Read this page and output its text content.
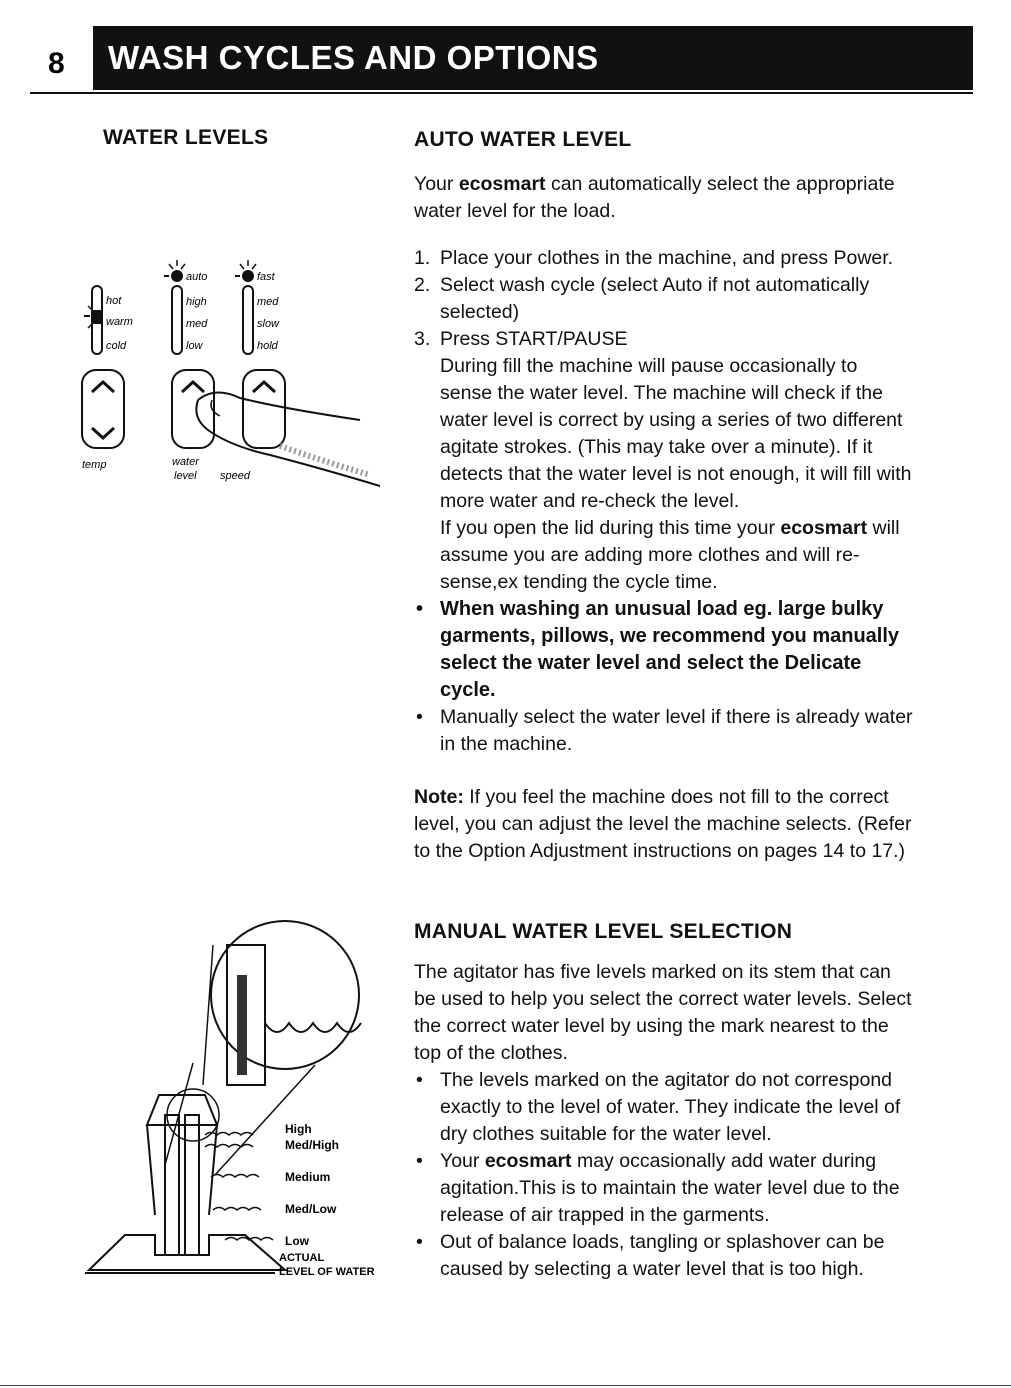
8	WASH CYCLES AND OPTIONS
WATER LEVELS
hot
warm
cold
auto
high
med
low
fast
med
slow
hold
temp	water
level speed
High
Med/High
Medium
Med/Low
Low
ACTUAL
LEVEL OF WATER
AUTO WATER LEVEL

Your ecosmart can automatically select the appropriate water level for the load.

1. Place your clothes in the machine, and press Power.
2. Select wash cycle (select Auto if not automatically selected)
3. Press START/PAUSE

During fill the machine will pause occasionally to sense the water level. The machine will check if the water level is correct by using a series of two different agitate strokes. (This may take over a minute). If it detects that the water level is not enough, it will fill with more water and re-check the level.

If you open the lid during this time your ecosmart will assume you are adding more clothes and will re-sense,ex tending the cycle time.

• When washing an unusual load eg. large bulky garments, pillows, we recommend you manually select the water level and select the Delicate cycle.
• Manually select the water level if there is already water in the machine.

Note: If you feel the machine does not fill to the correct level, you can adjust the level the machine selects. (Refer to the Option Adjustment instructions on pages 14 to 17.)

MANUAL WATER LEVEL SELECTION

The agitator has five levels marked on its stem that can be used to help you select the correct water levels. Select the correct water level by using the mark nearest to the top of the clothes.

• The levels marked on the agitator do not correspond exactly to the level of water. They indicate the level of dry clothes suitable for the water level.
• Your ecosmart may occasionally add water during agitation.This is to maintain the water level due to the release of air trapped in the garments.
• Out of balance loads, tangling or splashover can be caused by selecting a water level that is too high.
